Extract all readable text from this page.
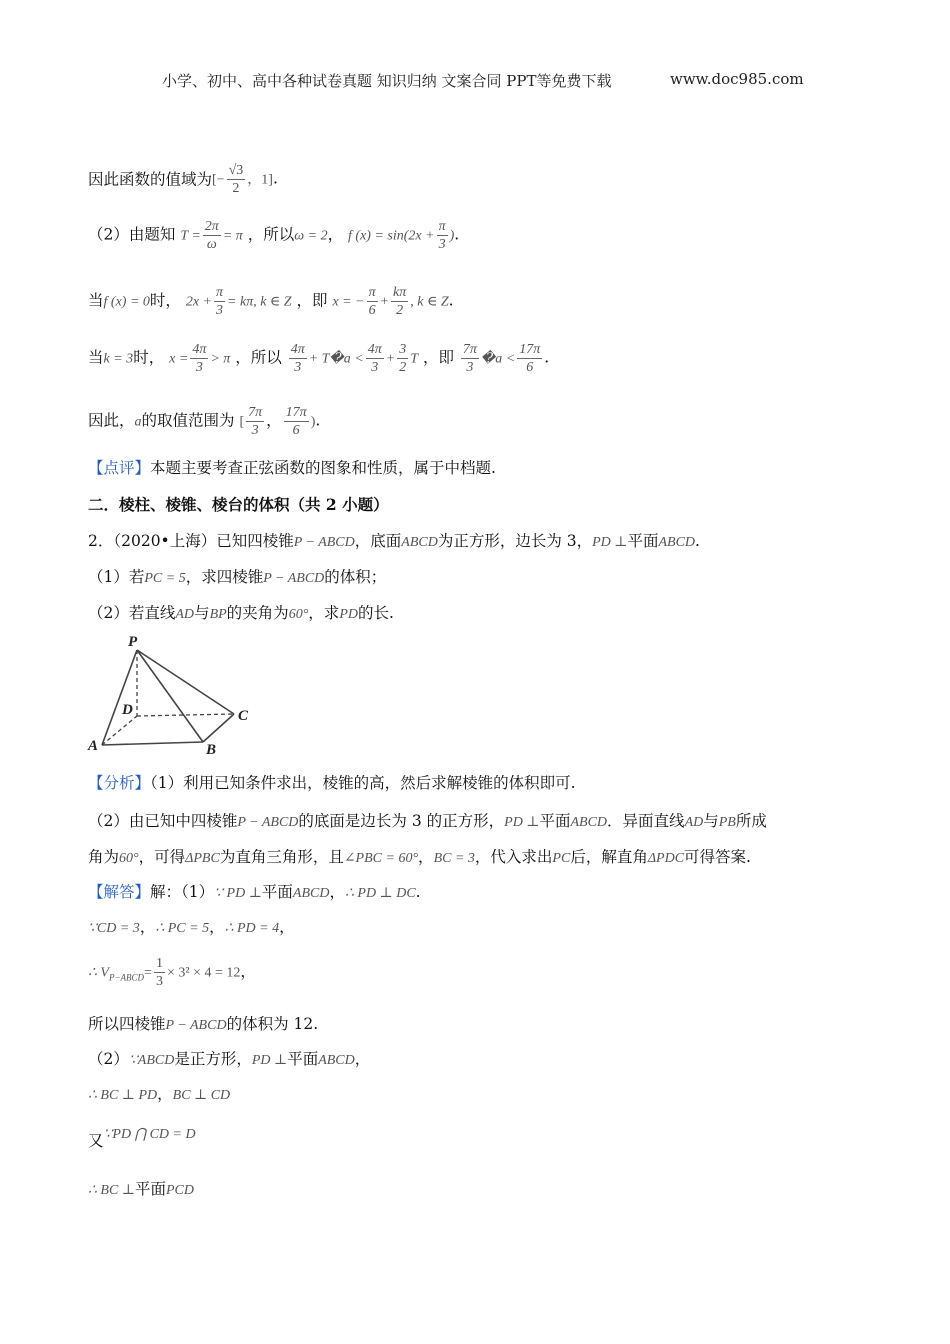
小学、初中、高中各种试卷真题 知识归纳 文案合同 PPT等免费下载	www.doc985.com
因此函数的值域为[− $\frac{√3}{2}$ ，1].
（2）由题知 $T = \frac{2\pi}{\omega} = \pi$ ，所以ω = 2， f $(x) = \sin(2x + \frac{\pi}{3}$ ).
当f (x) = 0时， $2x + \frac{\pi}{3} = k\pi$, k ∈ Z ，即 x = − $\frac{\pi}{6} + \frac{k\pi}{2}$ , k ∈ Z.
当k = 3时， $x = \frac{4\pi}{3} > \pi$ ，所以 $\frac{4\pi}{3}$ + T�a < $\frac{4\pi}{3} + \frac{3}{2}$ T ，即 $\frac{7\pi}{3}$ �a < $\frac{17\pi}{6}$ .
因此，a的取值范围为 [ $\frac{7\pi}{3}$ ， $\frac{17\pi}{6}$ ).
【点评】本题主要考查正弦函数的图象和性质，属于中档题.
二．棱柱、棱锥、棱台的体积（共 2 小题）
2．（2020•上海）已知四棱锥P − ABCD，底面ABCD为正方形，边长为 3，PD ⊥平面ABCD.
（1）若PC = 5，求四棱锥P − ABCD的体积；
（2）若直线AD与BP的夹角为60°，求PD的长.
P
D	C
A	B
【分析】（1）利用已知条件求出，棱锥的高，然后求解棱锥的体积即可.
（2）由已知中四棱锥P − ABCD的底面是边长为 3 的正方形，PD ⊥平面ABCD．异面直线AD与PB所成
角为60°，可得ΔPBC为直角三角形，且∠PBC = 60°，BC = 3，代入求出PC后，解直角ΔPDC可得答案.
【解答】解：（1）∵ PD ⊥平面ABCD，∴ PD ⊥ DC.
∵CD = 3，∴ PC = 5，∴ PD = 4，
∴ $V_{P-ABCD}= \frac{1}{3} \times 3^2 \times 4 = 12$，
所以四棱锥P − ABCD的体积为 12.
（2）∵ABCD是正方形，PD ⊥平面ABCD，
∴ BC ⊥ PD，BC ⊥ CD
又∵PD ⋂ CD = D
∴ BC ⊥平面PCD
